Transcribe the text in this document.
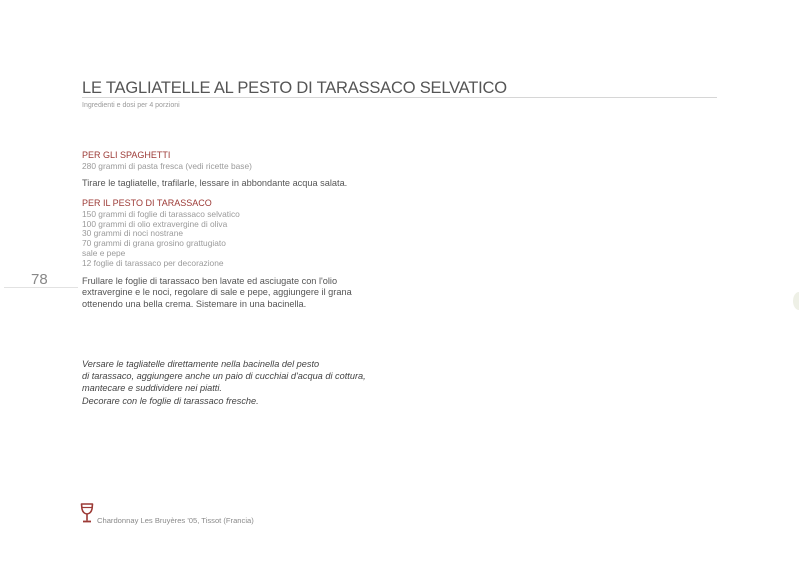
LE TAGLIATELLE AL PESTO DI TARASSACO SELVATICO
Ingredienti e dosi per 4 porzioni
PER GLI SPAGHETTI
280 grammi di pasta fresca (vedi ricette base)
Tirare le tagliatelle, trafilarle, lessare in abbondante acqua salata.
PER IL PESTO DI TARASSACO
150 grammi di foglie di tarassaco selvatico
100 grammi di olio extravergine di oliva
30 grammi di noci nostrane
70 grammi di grana grosino grattugiato
sale e pepe
12 foglie di tarassaco per decorazione
Frullare le foglie di tarassaco ben lavate ed asciugate con l'olio
extravergine e le noci, regolare di sale e pepe, aggiungere il grana
ottenendo una bella crema. Sistemare in una bacinella.
78
Versare le tagliatelle direttamente nella bacinella del pesto
di tarassaco, aggiungere anche un paio di cucchiai d'acqua di cottura,
mantecare e suddividere nei piatti.
Decorare con le foglie di tarassaco fresche.
Chardonnay Les Bruyères '05, Tissot (Francia)
